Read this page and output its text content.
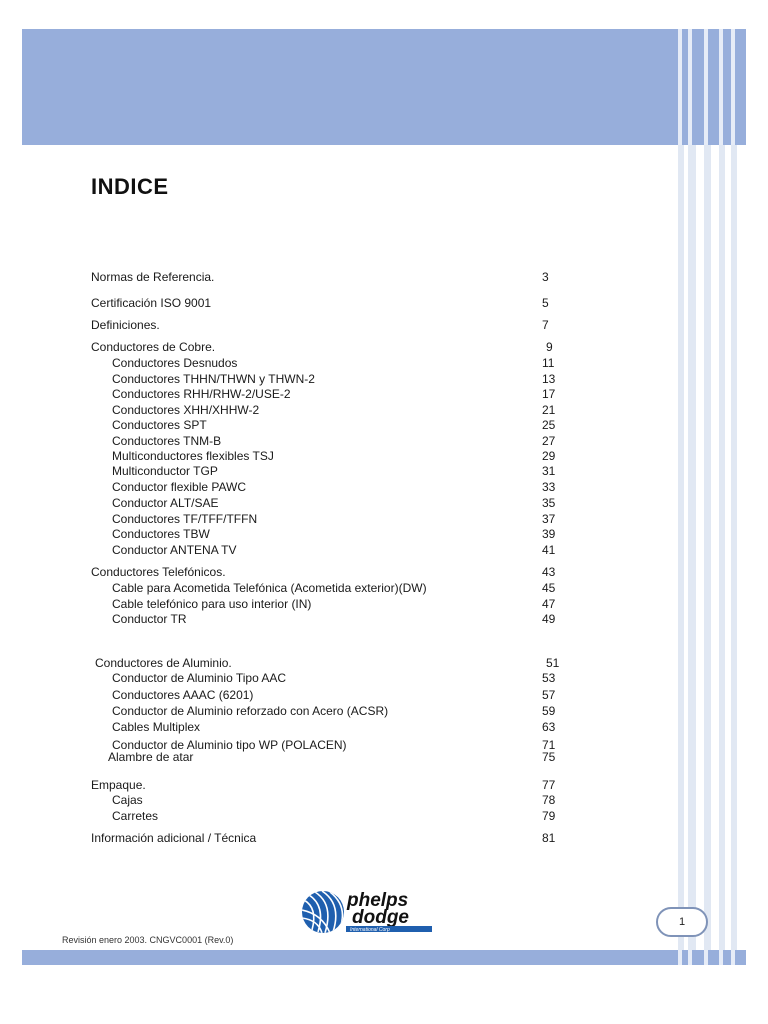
INDICE
Normas de Referencia.	3
Certificación ISO 9001	5
Definiciones.	7
Conductores de Cobre.	9
Conductores Desnudos	11
Conductores THHN/THWN y THWN-2	13
Conductores RHH/RHW-2/USE-2	17
Conductores XHH/XHHW-2	21
Conductores SPT	25
Conductores TNM-B	27
Multiconductores flexibles TSJ	29
Multiconductor TGP	31
Conductor flexible PAWC	33
Conductor ALT/SAE	35
Conductores TF/TFF/TFFN	37
Conductores TBW	39
Conductor ANTENA TV	41
Conductores Telefónicos.	43
Cable para Acometida Telefónica (Acometida exterior)(DW)	45
Cable telefónico para uso interior (IN)	47
Conductor TR	49
Conductores de Aluminio.	51
Conductor de Aluminio Tipo AAC	53
Conductores AAAC (6201)	57
Conductor de Aluminio reforzado con Acero (ACSR)	59
Cables Multiplex	63
Conductor de Aluminio tipo WP (POLACEN)	71
Alambre de atar	75
Empaque.	77
Cajas	78
Carretes	79
Información adicional / Técnica	81
phelps
dodge
International Corp
Revisión enero 2003. CNGVC0001 (Rev.0)
1
